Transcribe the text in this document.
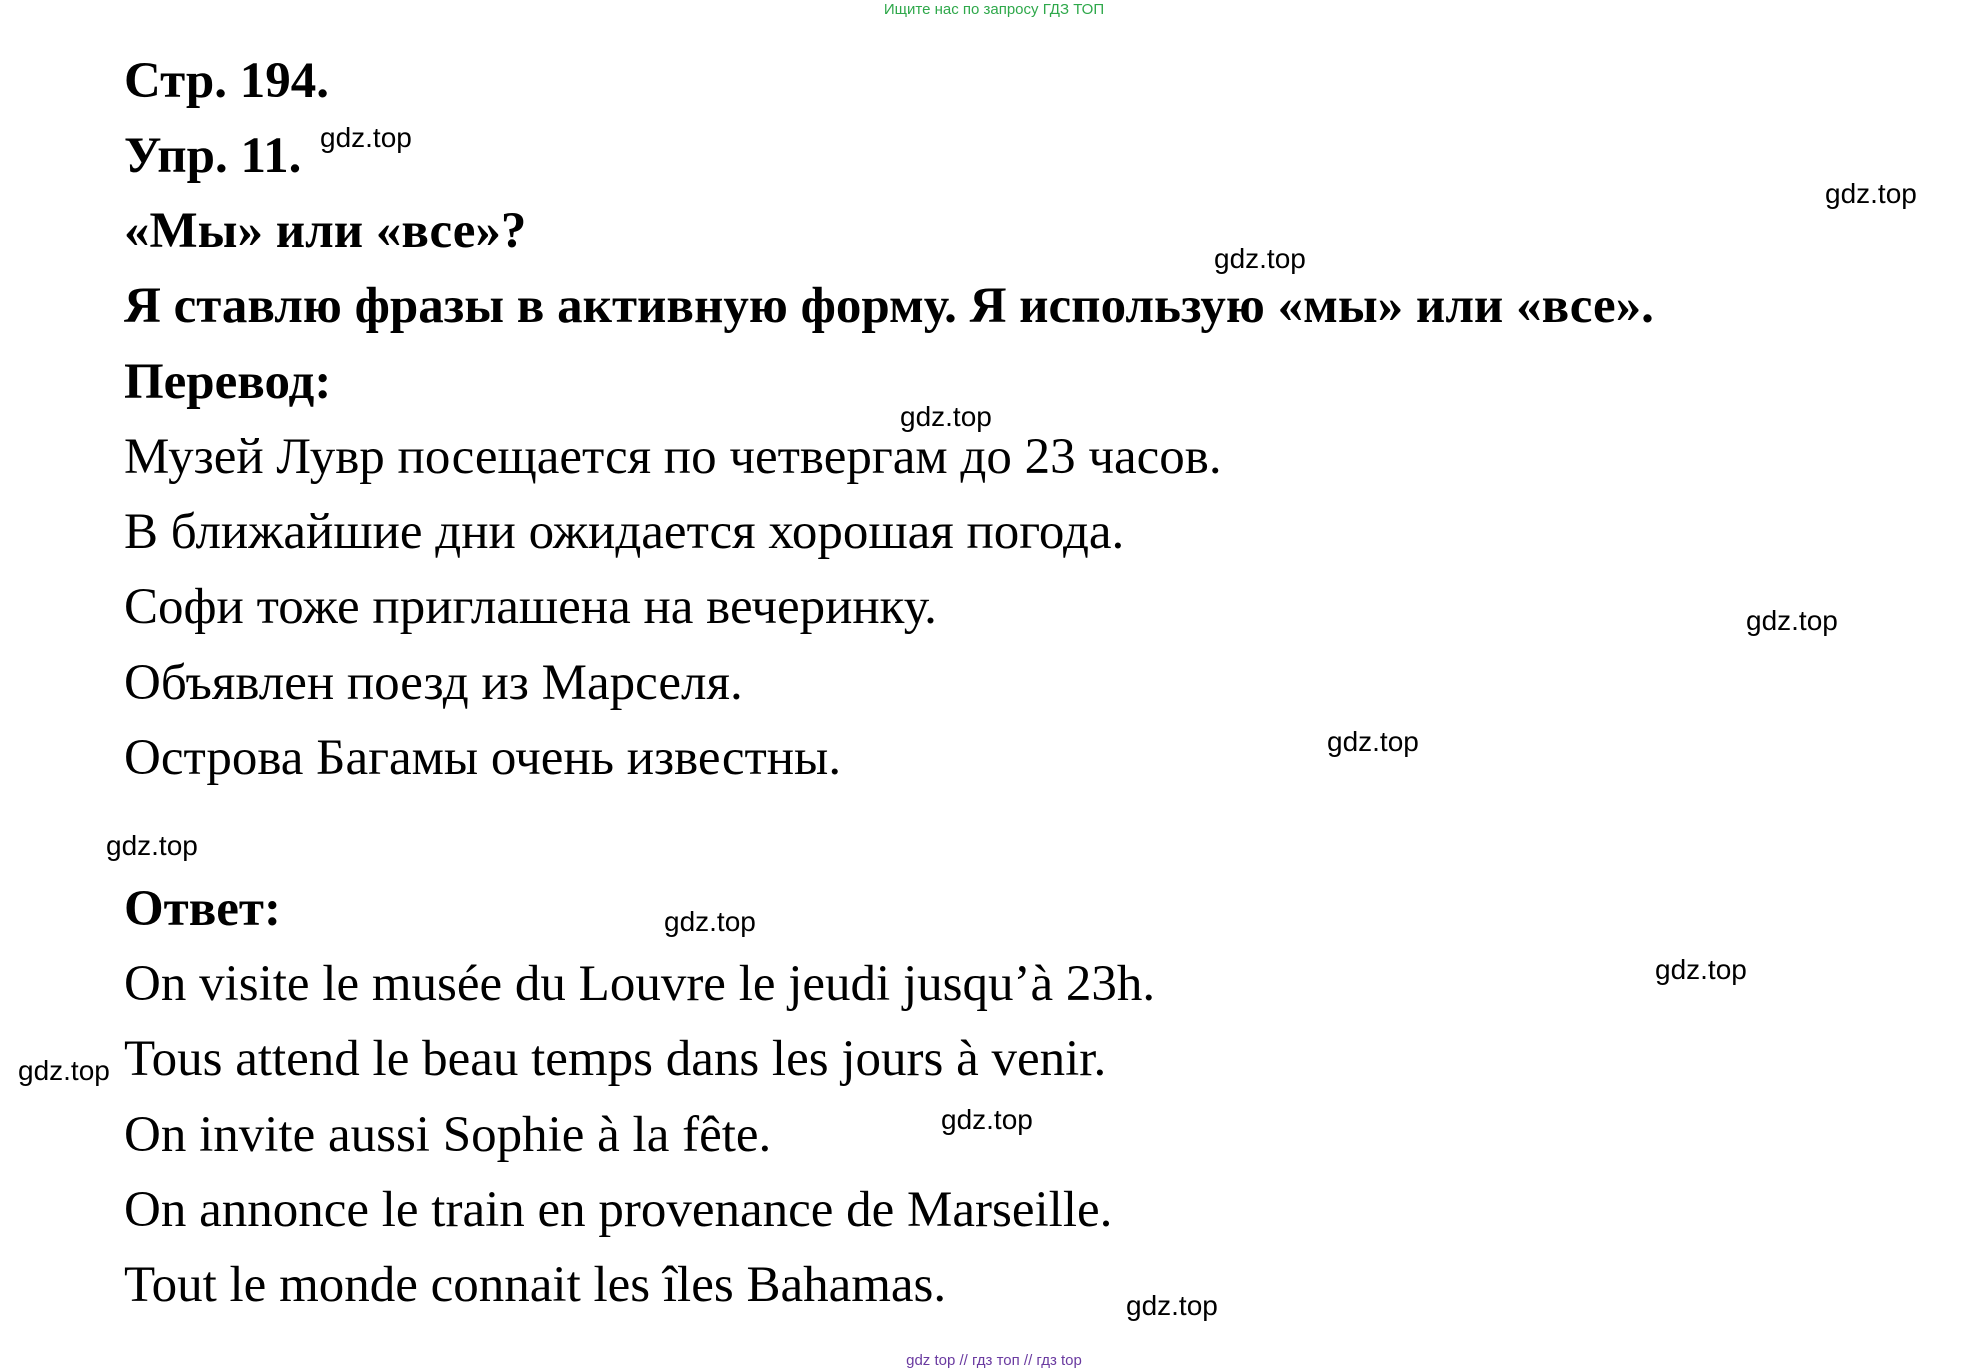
Ищите нас по запросу ГДЗ ТОП
Стр. 194.
Упр. 11.
«Мы» или «все»?
Я ставлю фразы в активную форму. Я использую «мы» или «все».
Перевод:
Музей Лувр посещается по четвергам до 23 часов.
В ближайшие дни ожидается хорошая погода.
Софи тоже приглашена на вечеринку.
Объявлен поезд из Марселя.
Острова Багамы очень известны.
Ответ:
On visite le musée du Louvre le jeudi jusqu’à 23h.
Tous attend le beau temps dans les jours à venir.
On invite aussi Sophie à la fête.
On annonce le train en provenance de Marseille.
Tout le monde connait les îles Bahamas.
gdz.top
gdz.top
gdz.top
gdz.top
gdz.top
gdz.top
gdz.top
gdz.top
gdz.top
gdz.top
gdz.top
gdz.top
gdz top // гдз топ // гдз top
